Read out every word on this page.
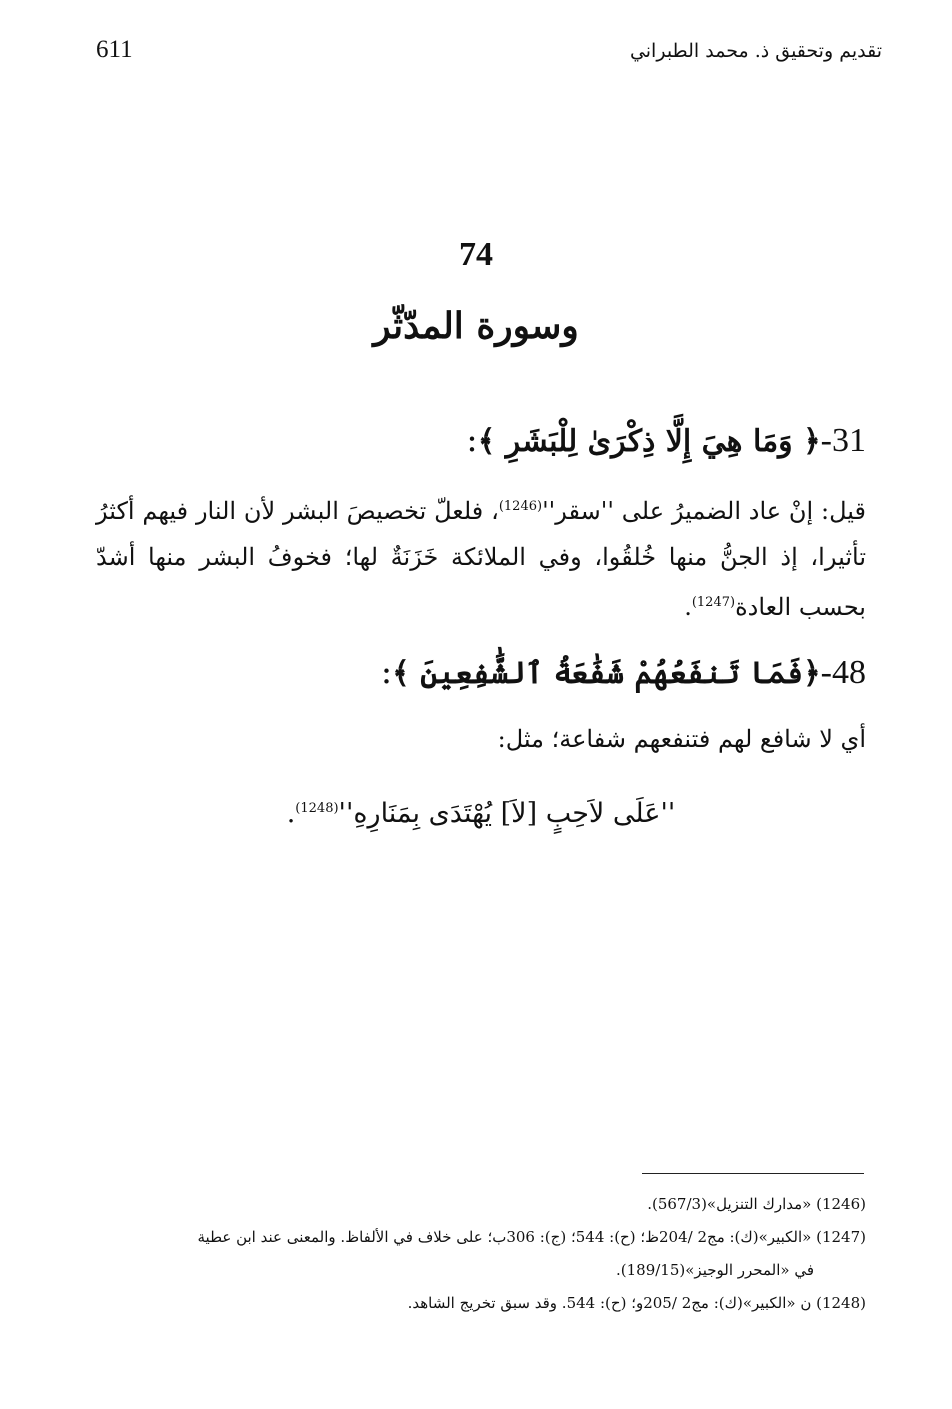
611	تقديم وتحقيق ذ. محمد الطبراني
74
وسورة المدّثّر

31-﴿ وَمَا هِيَ إِلَّا ذِكْرَىٰ لِلْبَشَرِ ﴾:

قيل: إنْ عاد الضميرُ على ''سقر''$^{(1246)}$، فلعلّ تخصيصَ البشر لأن النار فيهم أكثرُ تأثيرا، إذ الجنُّ منها خُلقُوا، وفي الملائكة خَزَنَةٌ لها؛ فخوفُ البشر منها أشدّ بحسب العادة$^{(1247)}$.

48-﴿فَمَا تَنفَعُهُمْ شَفَٰعَةُ ٱلشَّٰفِعِينَ ﴾:

أي لا شافع لهم فتنفعهم شفاعة؛ مثل:

''عَلَى لاَحِبٍ [لاَ] يُهْتَدَى بِمَنَارِهِ''$^{(1248)}$.

(1246) «مدارك التنزيل»(567/3).

(1247) «الكبير»(ك): مج2 /204ظ؛ (ح): 544؛ (ج): 306ب؛ على خلاف في الألفاظ. والمعنى عند ابن عطية

في «المحرر الوجيز»(189/15).

(1248) ن «الكبير»(ك): مج2 /205و؛ (ح): 544. وقد سبق تخريج الشاهد.
